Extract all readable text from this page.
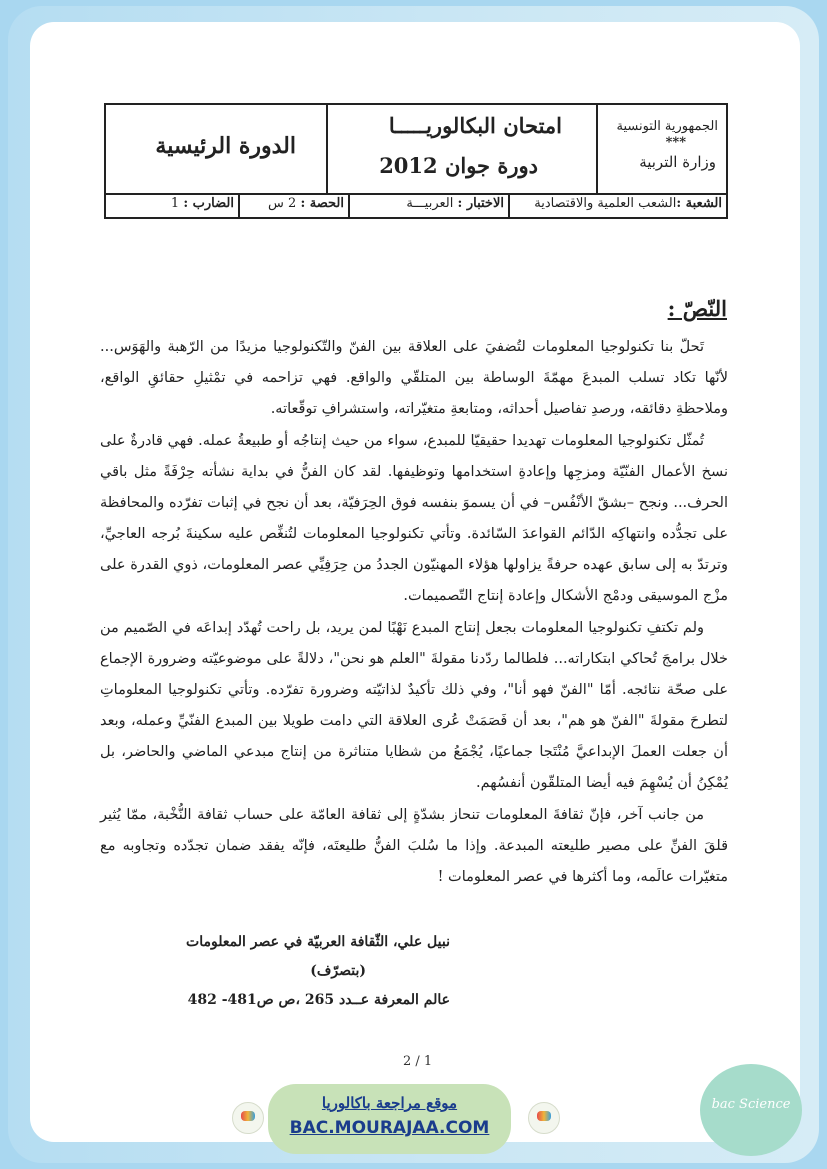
الجمهورية التونسية
***
وزارة التربية
امتحان البكالوريـــــا
دورة جوان 2012
الدورة الرئيسية
الشعبة :الشعب العلمية والاقتصادية
الاختبار : العربيـــة
الحصة : 2 س
الضارب : 1
النّصّ :

تَحلّ بنا تكنولوجيا المعلومات لتُضفيَ على العلاقة بين الفنّ والتّكنولوجيا مزيدًا من الرّهبة والهَوَس... لأنّها تكاد تسلب المبدعَ مهمّةَ الوساطة بين المتلقّي والواقع. فهي تزاحمه في تمْثيلِ حقائقِ الواقع، وملاحظةِ دقائقه، ورصدِ تفاصيل أحداثه، ومتابعةِ متغيّراته، واستشرافِ توقّعاته.

تُمثّل تكنولوجيا المعلومات تهديدا حقيقيّا للمبدع، سواء من حيث إنتاجُه أو طبيعةُ عمله. فهي قادرةٌ على نسخ الأعمال الفنّيّة ومزجِها وإعادةِ استخدامها وتوظيفها. لقد كان الفنُّ في بداية نشأته حِرْفَةً مثل باقي الحرف... ونجح –بشقّ الأنْفُس– في أن يسموَ بنفسه فوق الحِرَفيّة، بعد أن نجح في إثبات تفرّده والمحافظة على تجدُّده وانتهاكِه الدّائم القواعدَ السّائدة. وتأتي تكنولوجيا المعلومات لتُنغِّص عليه سكينةَ بُرجه العاجيِّ، وترتدّ به إلى سابق عهده حرفةً يزاولها هؤلاء المهنيّون الجددُ من حِرَفِيِّي عصر المعلومات، ذوي القدرة على مزْج الموسيقى ودمْج الأشكال وإعادة إنتاج التّصميمات.

ولم تكتفِ تكنولوجيا المعلومات بجعل إنتاج المبدع نَهْبًا لمن يريد، بل راحت تُهدّد إبداعَه في الصّميم من خلال برامجَ تُحاكي ابتكاراته... فلطالما ردّدنا مقولةَ "العلم هو نحن"، دلالةً على موضوعيّته وضرورة الإجماع على صحّة نتائجه. أمّا "الفنّ فهو أنا"، وفي ذلك تأكيدٌ لذاتيّته وضرورة تفرّده. وتأتي تكنولوجيا المعلوماتِ لتطرحَ مقولةَ "الفنّ هو هم"، بعد أن فَصَمَتْ عُرى العلاقة التي دامت طويلا بين المبدع الفنّيِّ وعمله، وبعد أن جعلت العملَ الإبداعيَّ مُنْتَجا جماعيًا، يُجْمَعُ من شظايا متناثرة من إنتاج مبدعي الماضي والحاضر، بل يُمْكِنُ أن يُسْهِمَ فيه أيضا المتلقّون أنفسُهم.

من جانب آخر، فإنّ ثقافةَ المعلومات تنحاز بشدّةٍ إلى ثقافة العامّة على حساب ثقافة النُّخْبة، ممّا يُثير قلقَ الفنِّ على مصير طليعته المبدعة. وإذا ما سُلبَ الفنُّ طليعتَه، فإنّه يفقد ضمان تجدّده وتجاوبه مع متغيّرات عالَمه، وما أكثرها في عصر المعلومات !

نبيل علي، الثّقافة العربيّة في عصر المعلومات
(بتصرّف)
عالم المعرفة عــدد 265 ،ص ص481- 482
2 / 1
موقع مراجعة باكالوريا
BAC.MOURAJAA.COM
bac Science
